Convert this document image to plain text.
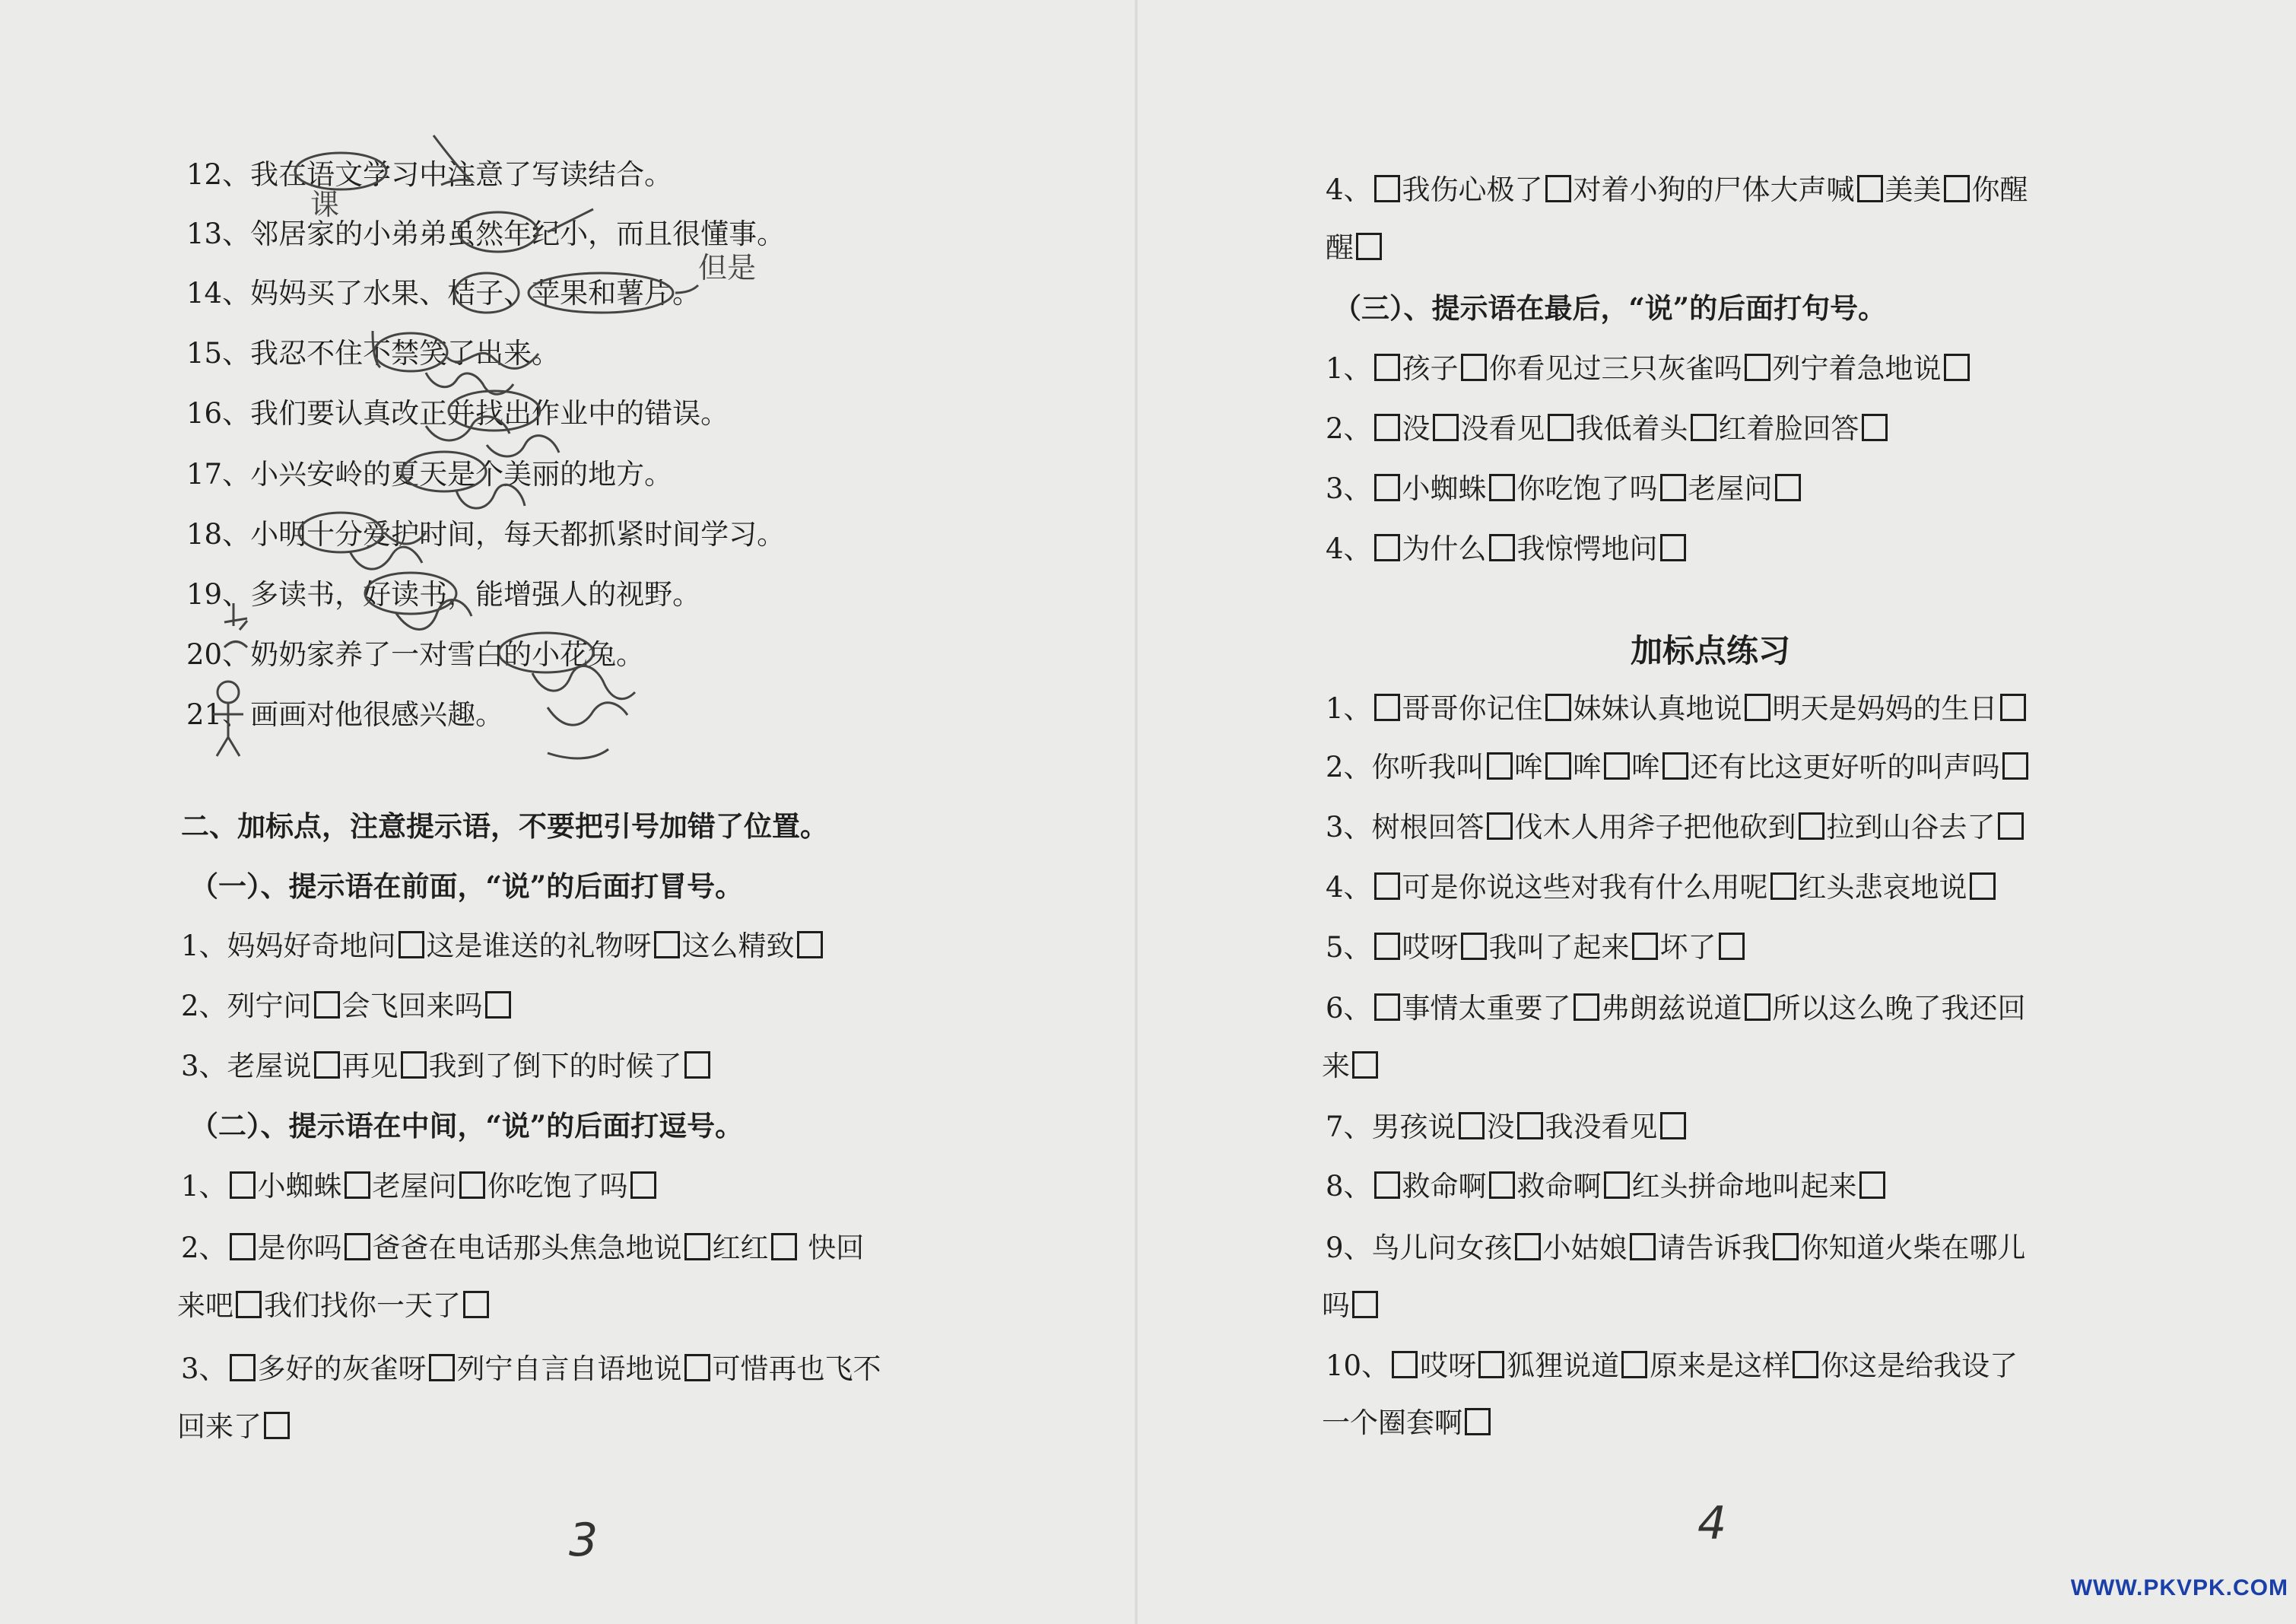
12、我在语文学习中注意了写读结合。
13、邻居家的小弟弟虽然年纪小，而且很懂事。
14、妈妈买了水果、桔子、苹果和薯片。
15、我忍不住不禁笑了出来。
16、我们要认真改正并找出作业中的错误。
17、小兴安岭的夏天是个美丽的地方。
18、小明十分爱护时间，每天都抓紧时间学习。
19、多读书，好读书，能增强人的视野。
20、奶奶家养了一对雪白的小花兔。
21、画画对他很感兴趣。
二、加标点，注意提示语，不要把引号加错了位置。
（一）、提示语在前面，“说”的后面打冒号。
1、妈妈好奇地问 这是谁送的礼物呀 这么精致
2、列宁问 会飞回来吗
3、老屋说 再见 我到了倒下的时候了
（二）、提示语在中间，“说”的后面打逗号。
1、 小蜘蛛 老屋问 你吃饱了吗
2、 是你吗 爸爸在电话那头焦急地说 红红 快回
来吧 我们找你一天了
3、 多好的灰雀呀 列宁自言自语地说 可惜再也飞不
回来了
3
课
但是
4、 我伤心极了 对着小狗的尸体大声喊 美美 你醒
醒
（三）、提示语在最后，“说”的后面打句号。
1、 孩子 你看见过三只灰雀吗 列宁着急地说
2、 没 没看见 我低着头 红着脸回答
3、 小蜘蛛 你吃饱了吗 老屋问
4、 为什么 我惊愕地问
加标点练习
1、 哥哥你记住 妹妹认真地说 明天是妈妈的生日
2、你听我叫 哞 哞 哞 还有比这更好听的叫声吗
3、树根回答 伐木人用斧子把他砍到 拉到山谷去了
4、 可是你说这些对我有什么用呢 红头悲哀地说
5、 哎呀 我叫了起来 坏了
6、 事情太重要了 弗朗兹说道 所以这么晚了我还回
来
7、男孩说 没 我没看见
8、 救命啊 救命啊 红头拼命地叫起来
9、鸟儿问女孩 小姑娘 请告诉我 你知道火柴在哪儿
吗
10、 哎呀 狐狸说道 原来是这样 你这是给我设了
一个圈套啊
4
WWW.PKVPK.COM
